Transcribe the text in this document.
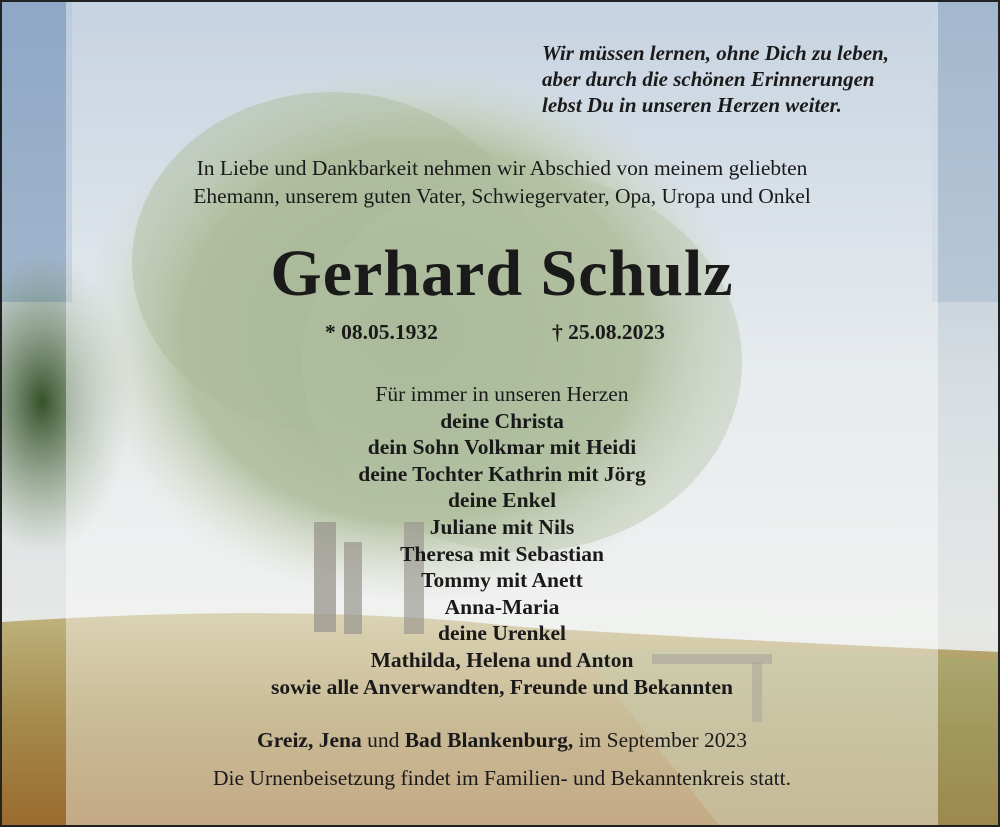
Wir müssen lernen, ohne Dich zu leben,
aber durch die schönen Erinnerungen
lebst Du in unseren Herzen weiter.
In Liebe und Dankbarkeit nehmen wir Abschied von meinem geliebten
Ehemann, unserem guten Vater, Schwiegervater, Opa, Uropa und Onkel
Gerhard Schulz
* 08.05.1932	† 25.08.2023
Für immer in unseren Herzen
deine Christa
dein Sohn Volkmar mit Heidi
deine Tochter Kathrin mit Jörg
deine Enkel
Juliane mit Nils
Theresa mit Sebastian
Tommy mit Anett
Anna-Maria
deine Urenkel
Mathilda, Helena und Anton
sowie alle Anverwandten, Freunde und Bekannten
Greiz, Jena und Bad Blankenburg, im September 2023
Die Urnenbeisetzung findet im Familien- und Bekanntenkreis statt.
